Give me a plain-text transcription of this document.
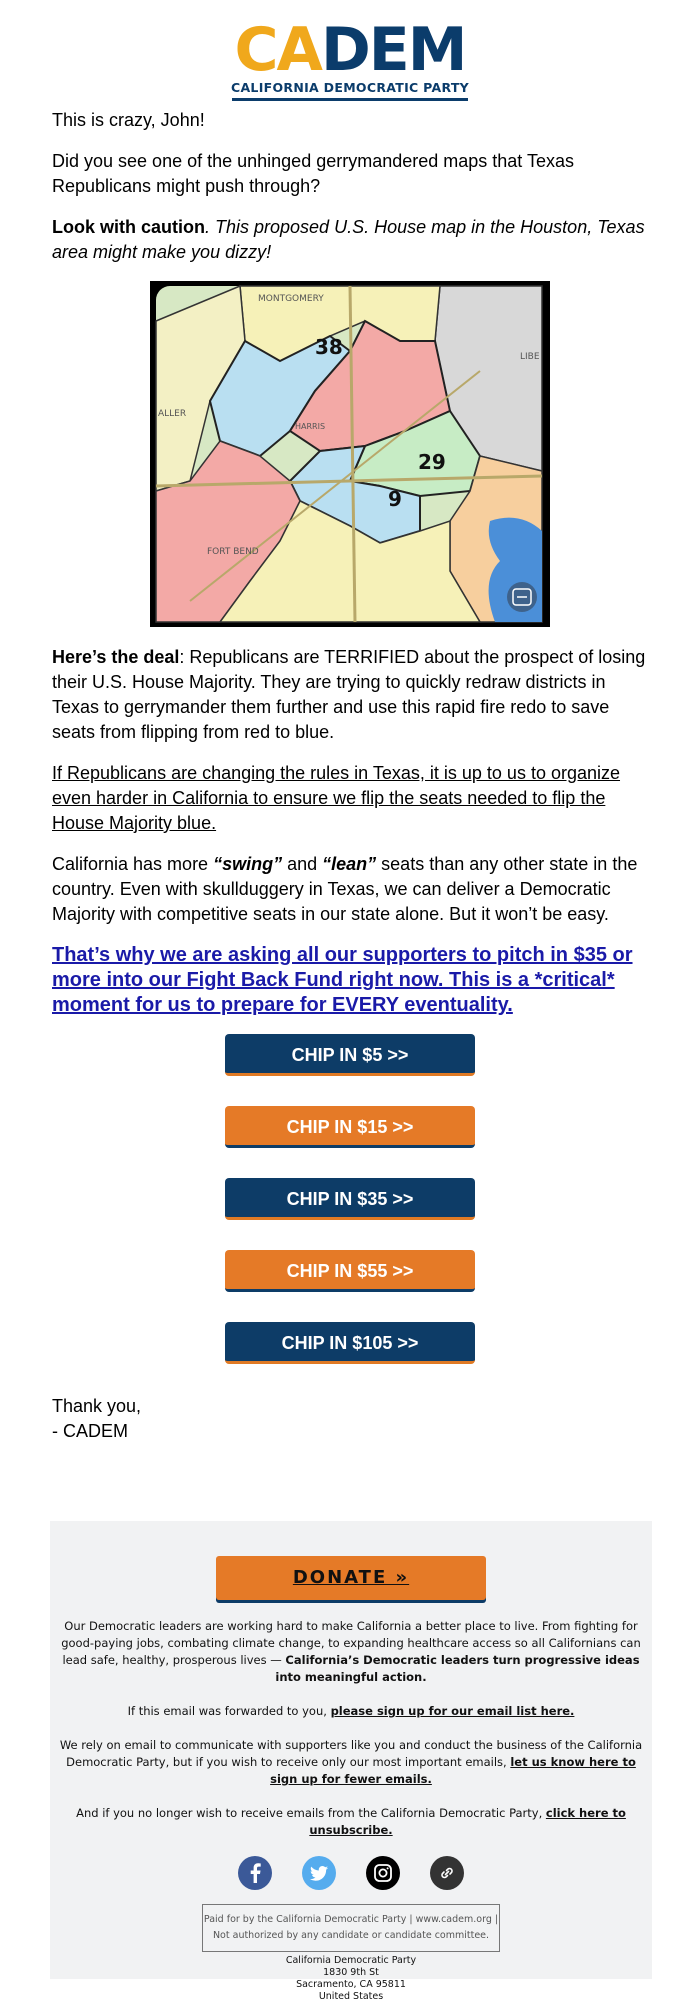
CADEM
CALIFORNIA DEMOCRATIC PARTY

This is crazy, John!

Did you see one of the unhinged gerrymandered maps that Texas Republicans might push through?

Look with caution. This proposed U.S. House map in the Houston, Texas area might make you dizzy!

MONTGOMERY
38
29
9
FORT BEND
LIBE
ALLER
HARRIS

Here’s the deal: Republicans are TERRIFIED about the prospect of losing their U.S. House Majority. They are trying to quickly redraw districts in Texas to gerrymander them further and use this rapid fire redo to save seats from flipping from red to blue.

If Republicans are changing the rules in Texas, it is up to us to organize even harder in California to ensure we flip the seats needed to flip the House Majority blue.

California has more “swing” and “lean” seats than any other state in the country. Even with skullduggery in Texas, we can deliver a Democratic Majority with competitive seats in our state alone. But it won’t be easy.

That’s why we are asking all our supporters to pitch in $35 or more into our Fight Back Fund right now. This is a *critical* moment for us to prepare for EVERY eventuality.
CHIP IN $5 >>
CHIP IN $15 >>
CHIP IN $35 >>
CHIP IN $55 >>
CHIP IN $105 >>
Thank you,
- CADEM
DONATE »

Our Democratic leaders are working hard to make California a better place to live. From fighting for good-paying jobs, combating climate change, to expanding healthcare access so all Californians can lead safe, healthy, prosperous lives — California’s Democratic leaders turn progressive ideas into meaningful action.

If this email was forwarded to you, please sign up for our email list here.

We rely on email to communicate with supporters like you and conduct the business of the California Democratic Party, but if you wish to receive only our most important emails, let us know here to sign up for fewer emails.

And if you no longer wish to receive emails from the California Democratic Party, click here to unsubscribe.

Paid for by the California Democratic Party | www.cadem.org |
Not authorized by any candidate or candidate committee.
California Democratic Party
1830 9th St
Sacramento, CA 95811
United States
